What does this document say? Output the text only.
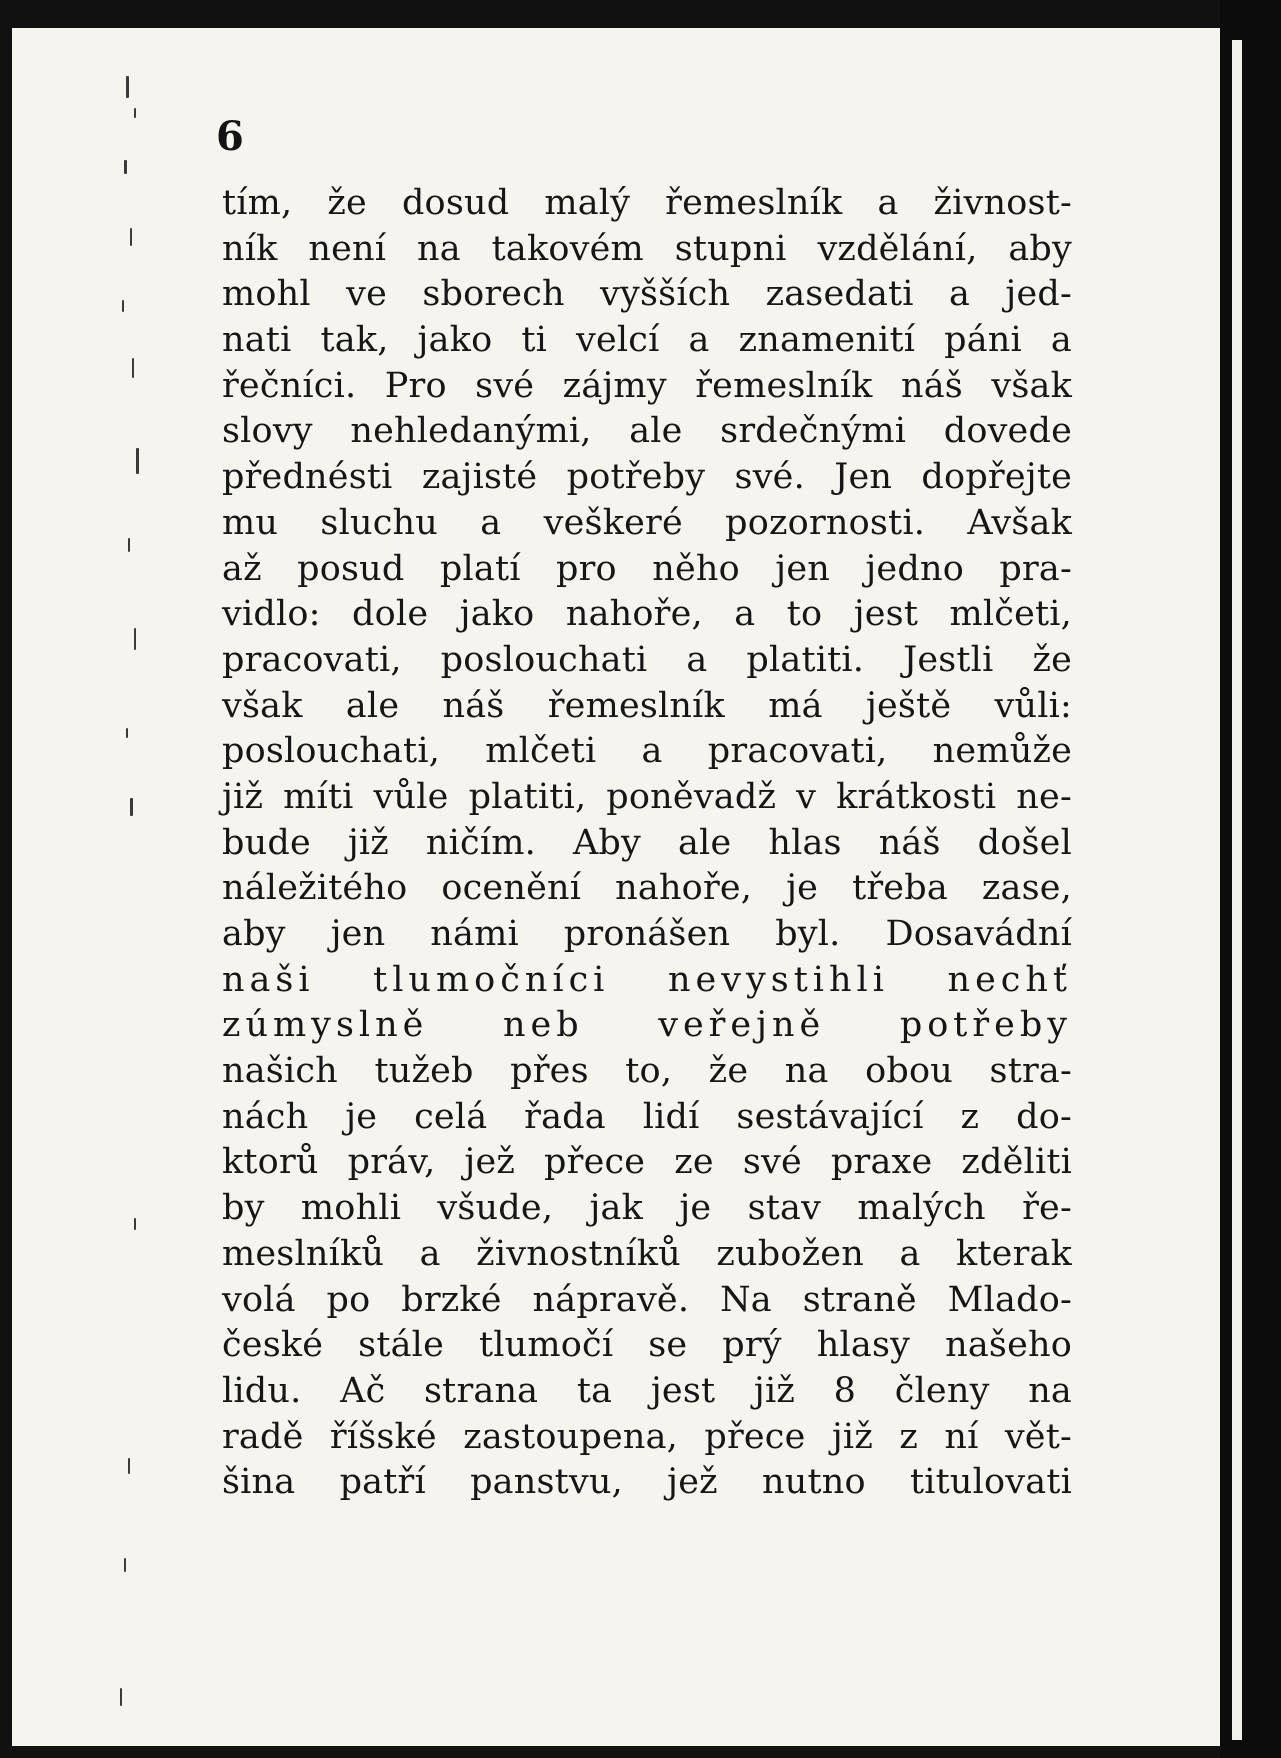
6

tím, že dosud malý řemeslník a živnost-
ník není na takovém stupni vzdělání, aby
mohl ve sborech vyšších zasedati a jed-
nati tak, jako ti velcí a znamenití páni a
řečníci. Pro své zájmy řemeslník náš však
slovy nehledanými, ale srdečnými dovede
přednésti zajisté potřeby své. Jen dopřejte
mu sluchu a veškeré pozornosti. Avšak
až posud platí pro něho jen jedno pra-
vidlo: dole jako nahoře, a to jest mlčeti,
pracovati, poslouchati a platiti. Jestli že
však ale náš řemeslník má ještě vůli:
poslouchati, mlčeti a pracovati, nemůže
již míti vůle platiti, poněvadž v krátkosti ne-
bude již ničím. Aby ale hlas náš došel
náležitého ocenění nahoře, je třeba zase,
aby jen námi pronášen byl. Dosavádní
naši tlumočníci nevystihli nechť
zúmyslně neb veřejně potřeby
našich tužeb přes to, že na obou stra-
nách je celá řada lidí sestávající z do-
ktorů práv, jež přece ze své praxe zděliti
by mohli všude, jak je stav malých ře-
meslníků a živnostníků zubožen a kterak
volá po brzké nápravě. Na straně Mlado-
české stále tlumočí se prý hlasy našeho
lidu. Ač strana ta jest již 8 členy na
radě říšské zastoupena, přece již z ní vět-
šina patří panstvu, jež nutno titulovati
